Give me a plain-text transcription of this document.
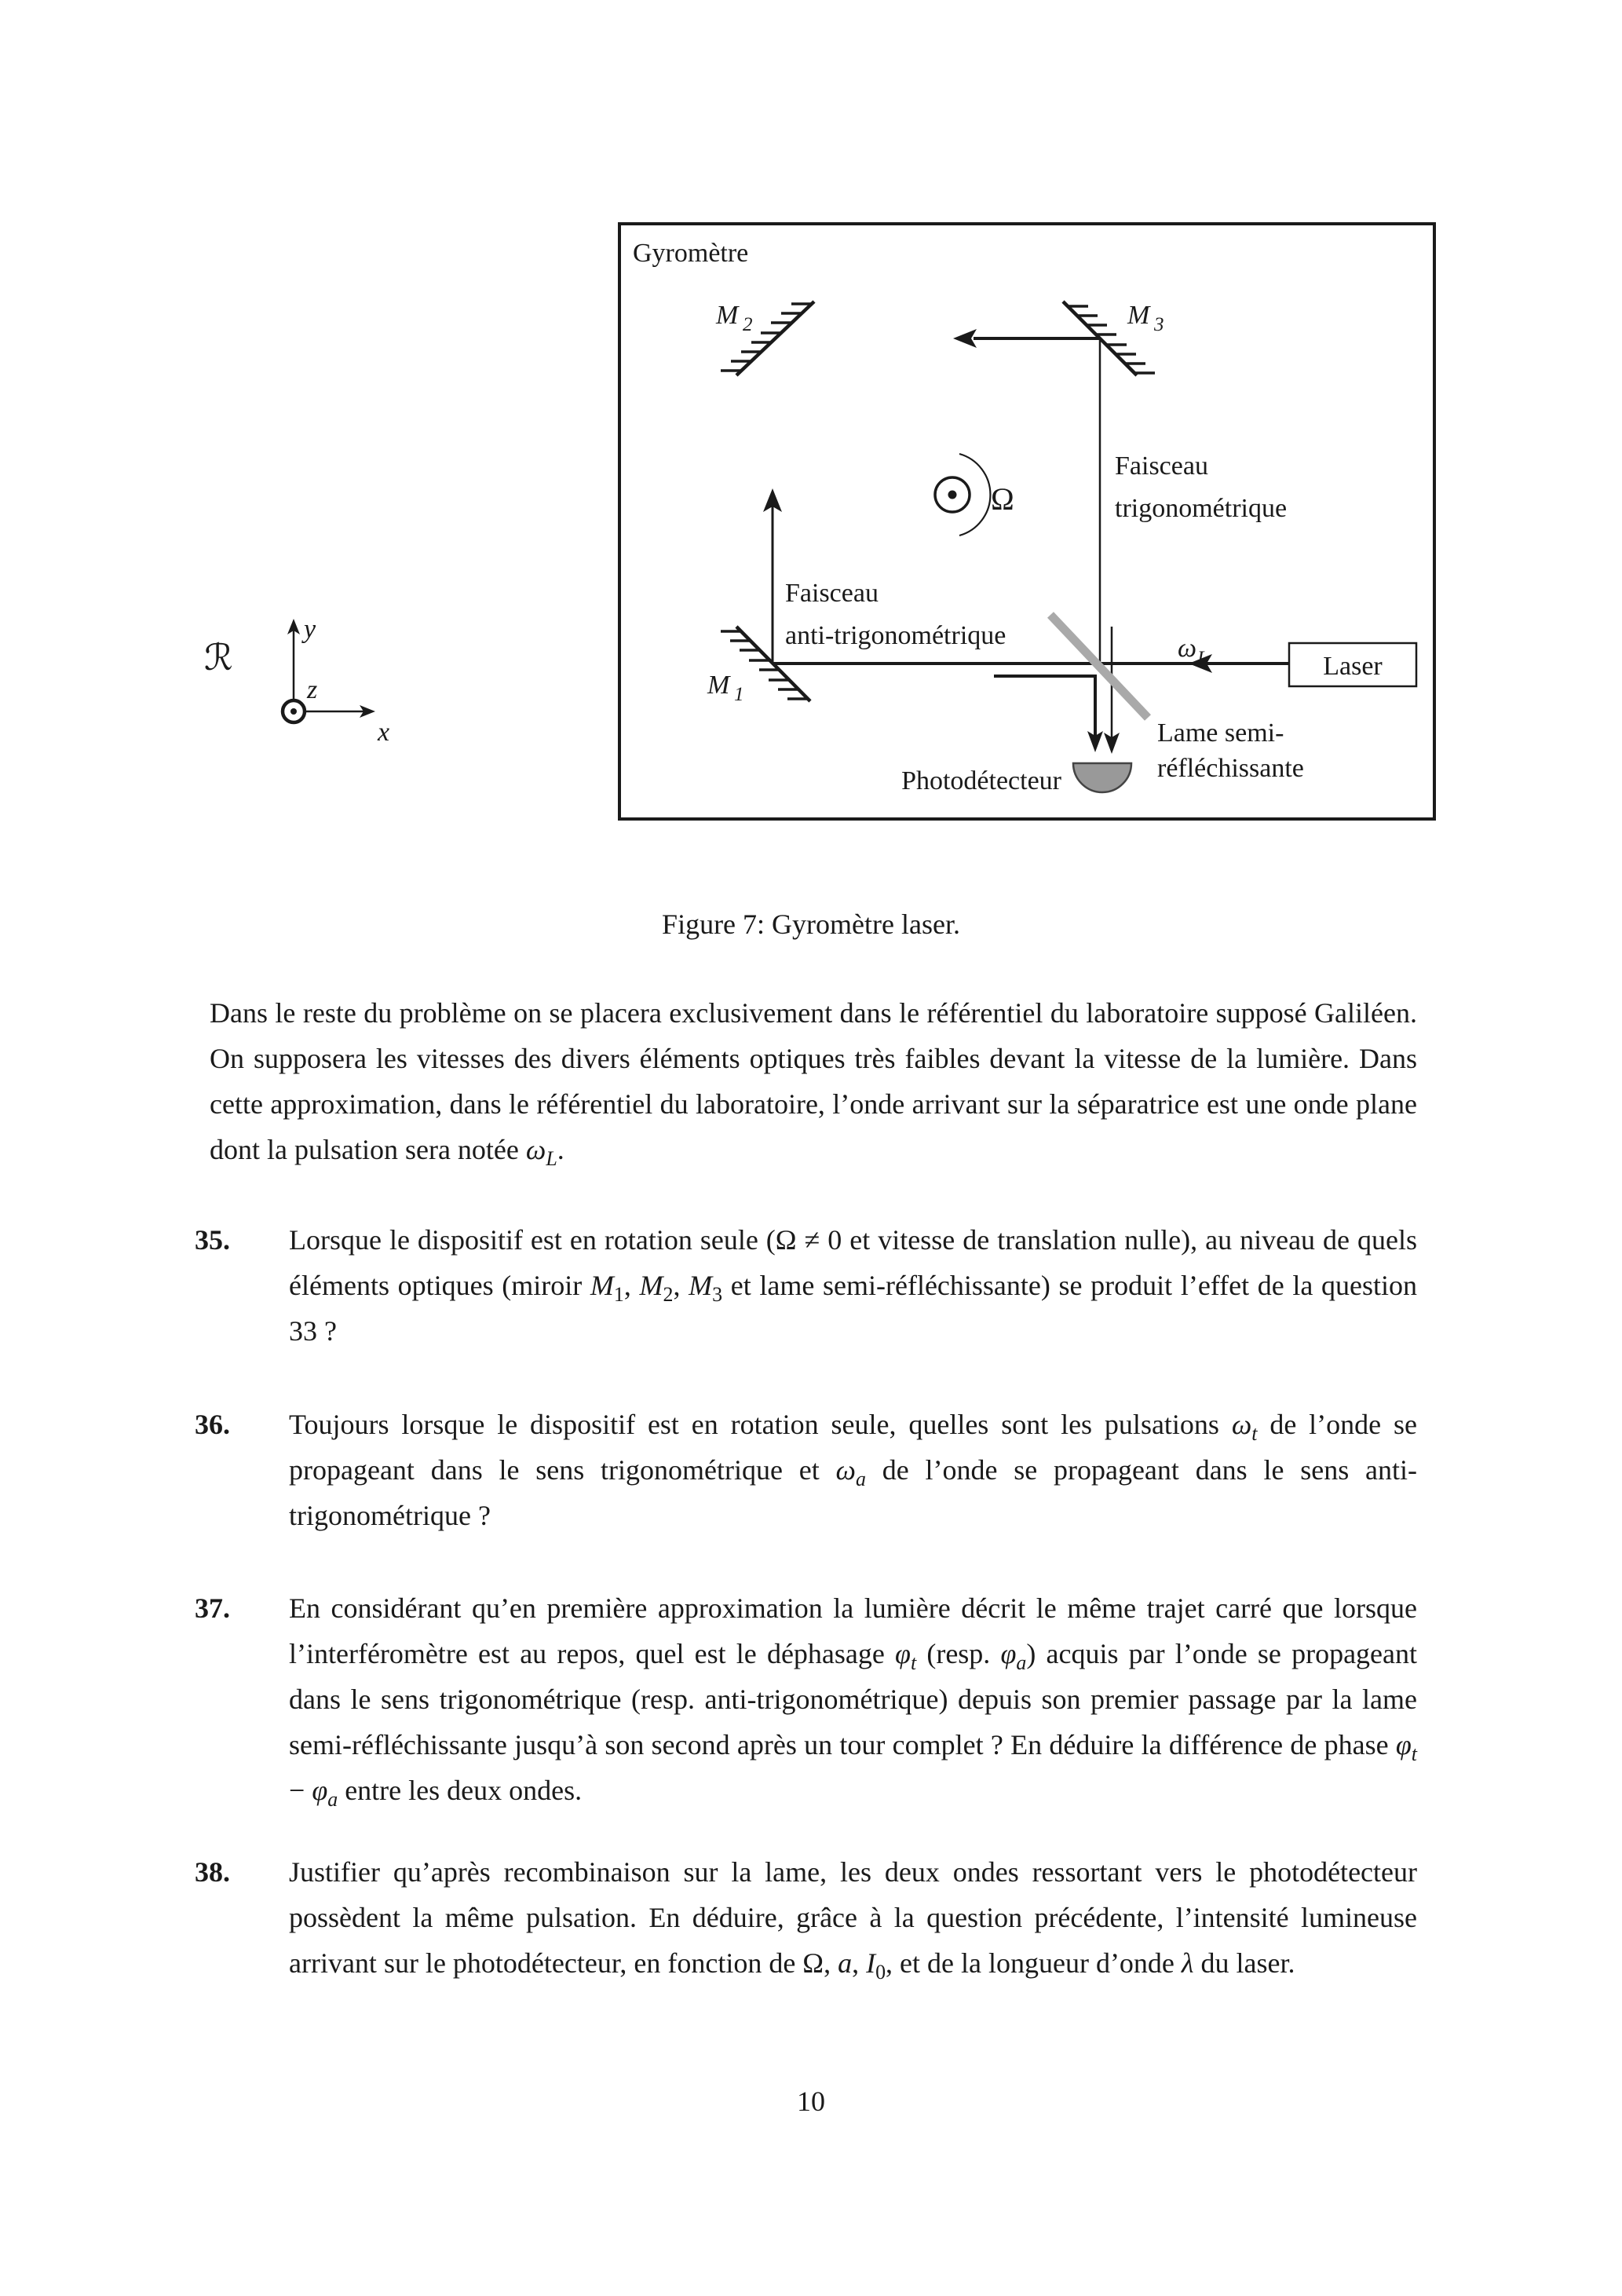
ℛ
y
x
z
Gyromètre
M 2	M 3
M 1
Ω
Lame semi-
réfléchissante
Laser
ω L
Faisceau
trigonométrique
Faisceau
anti-trigonométrique
Photodétecteur
Figure 7: Gyromètre laser.
Dans le reste du problème on se placera exclusivement dans le référentiel du laboratoire supposé Galiléen. On supposera les vitesses des divers éléments optiques très faibles devant la vitesse de la lumière. Dans cette approximation, dans le référentiel du laboratoire, l’onde arrivant sur la séparatrice est une onde plane dont la pulsation sera notée $\omega_L$.
35. Lorsque le dispositif est en rotation seule (Ω ≠ 0 et vitesse de translation nulle), au niveau de quels éléments optiques (miroir $M_1$, $M_2$, $M_3$ et lame semi-réfléchissante) se produit l’effet de la question 33 ?
36. Toujours lorsque le dispositif est en rotation seule, quelles sont les pulsations $\omega_t$ de l’onde se propageant dans le sens trigonométrique et $\omega_a$ de l’onde se propageant dans le sens anti-trigonométrique ?
37. En considérant qu’en première approximation la lumière décrit le même trajet carré que lorsque l’interféromètre est au repos, quel est le déphasage $\varphi_t$ (resp. $\varphi_a$) acquis par l’onde se propageant dans le sens trigonométrique (resp. anti-trigonométrique) depuis son premier passage par la lame semi-réfléchissante jusqu’à son second après un tour complet ? En déduire la différence de phase $\varphi_t - \varphi_a$ entre les deux ondes.
38. Justifier qu’après recombinaison sur la lame, les deux ondes ressortant vers le photodétecteur possèdent la même pulsation. En déduire, grâce à la question précédente, l’intensité lumineuse arrivant sur le photodétecteur, en fonction de Ω, a, $I_0$, et de la longueur d’onde λ du laser.
10
